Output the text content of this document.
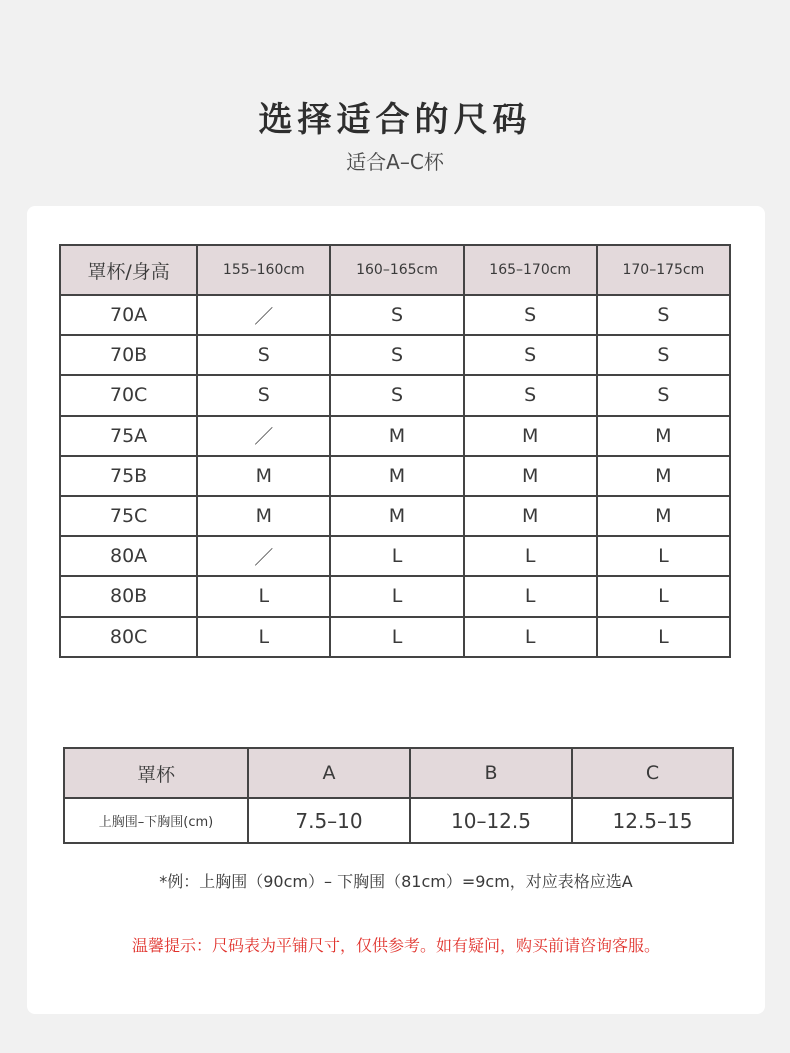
选择适合的尺码
适合A–C杯
罩杯/身高	155–160cm	160–165cm	165–170cm	170–175cm
70A	／	S	S	S
70B	S	S	S	S
70C	S	S	S	S
75A	／	M	M	M
75B	M	M	M	M
75C	M	M	M	M
80A	／	L	L	L
80B	L	L	L	L
80C	L	L	L	L
罩杯	A	B	C
上胸围–下胸围(cm)	7.5–10	10–12.5	12.5–15
*例：上胸围（90cm）– 下胸围（81cm）=9cm，对应表格应选A
温馨提示：尺码表为平铺尺寸，仅供参考。如有疑问，购买前请咨询客服。
